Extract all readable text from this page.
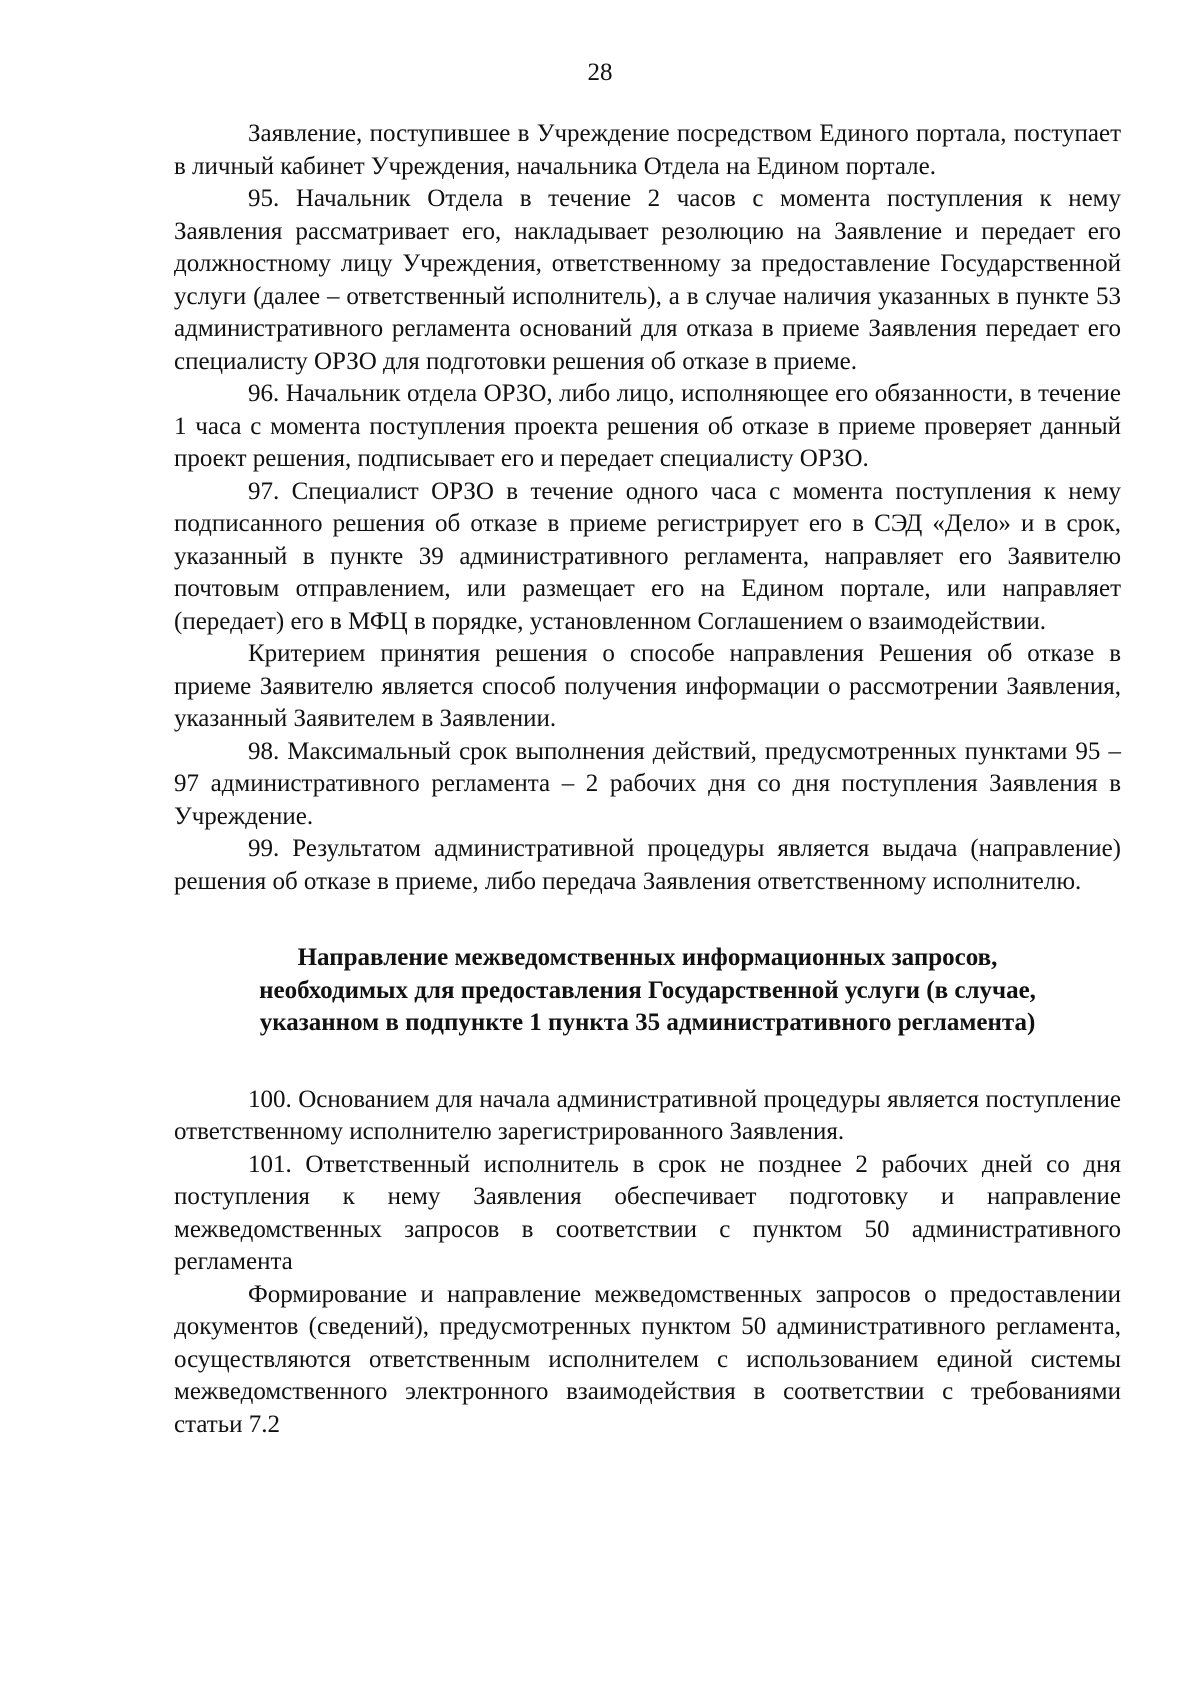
28

Заявление, поступившее в Учреждение посредством Единого портала, поступает в личный кабинет Учреждения, начальника Отдела на Едином портале.

95. Начальник Отдела в течение 2 часов с момента поступления к нему Заявления рассматривает его, накладывает резолюцию на Заявление и передает его должностному лицу Учреждения, ответственному за предоставление Государственной услуги (далее – ответственный исполнитель), а в случае наличия указанных в пункте 53 административного регламента оснований для отказа в приеме Заявления передает его специалисту ОРЗО для подготовки решения об отказе в приеме.

96. Начальник отдела ОРЗО, либо лицо, исполняющее его обязанности, в течение 1 часа с момента поступления проекта решения об отказе в приеме проверяет данный проект решения, подписывает его и передает специалисту ОРЗО.

97. Специалист ОРЗО в течение одного часа с момента поступления к нему подписанного решения об отказе в приеме регистрирует его в СЭД «Дело» и в срок, указанный в пункте 39 административного регламента, направляет его Заявителю почтовым отправлением, или размещает его на Едином портале, или направляет (передает) его в МФЦ в порядке, установленном Соглашением о взаимодействии.

Критерием принятия решения о способе направления Решения об отказе в приеме Заявителю является способ получения информации о рассмотрении Заявления, указанный Заявителем в Заявлении.

98. Максимальный срок выполнения действий, предусмотренных пунктами 95 – 97 административного регламента – 2 рабочих дня со дня поступления Заявления в Учреждение.

99. Результатом административной процедуры является выдача (направление) решения об отказе в приеме, либо передача Заявления ответственному исполнителю.

Направление межведомственных информационных запросов,
необходимых для предоставления Государственной услуги (в случае,
указанном в подпункте 1 пункта 35 административного регламента)

100. Основанием для начала административной процедуры является поступление ответственному исполнителю зарегистрированного Заявления.

101. Ответственный исполнитель в срок не позднее 2 рабочих дней со дня поступления к нему Заявления обеспечивает подготовку и направление межведомственных запросов в соответствии с пунктом 50 административного регламента

Формирование и направление межведомственных запросов о предоставлении документов (сведений), предусмотренных пунктом 50 административного регламента, осуществляются ответственным исполнителем с использованием единой системы межведомственного электронного взаимодействия в соответствии с требованиями статьи 7.2
